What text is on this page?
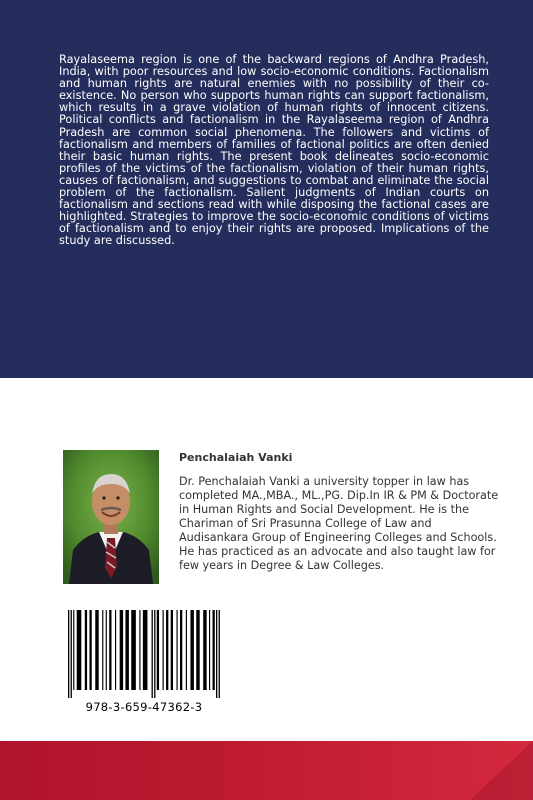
Rayalaseema region is one of the backward regions of Andhra Pradesh, India, with poor resources and low socio-economic conditions. Factionalism and human rights are natural enemies with no possibility of their co-existence. No person who supports human rights can support factionalism, which results in a grave violation of human rights of innocent citizens. Political conflicts and factionalism in the Rayalaseema region of Andhra Pradesh are common social phenomena. The followers and victims of factionalism and members of families of factional politics are often denied their basic human rights. The present book delineates socio-economic profiles of the victims of the factionalism, violation of their human rights, causes of factionalism, and suggestions to combat and eliminate the social problem of the factionalism. Salient judgments of Indian courts on factionalism and sections read with while disposing the factional cases are highlighted. Strategies to improve the socio-economic conditions of victims of factionalism and to enjoy their rights are proposed. Implications of the study are discussed.

Penchalaiah Vanki

Dr. Penchalaiah Vanki a university topper in law has completed MA.,MBA., ML.,PG. Dip.In IR & PM & Doctorate in Human Rights and Social Development. He is the Chariman of Sri Prasunna College of Law and Audisankara Group of Engineering Colleges and Schools. He has practiced as an advocate and also taught law for few years in Degree & Law Colleges.

978-3-659-47362-3
